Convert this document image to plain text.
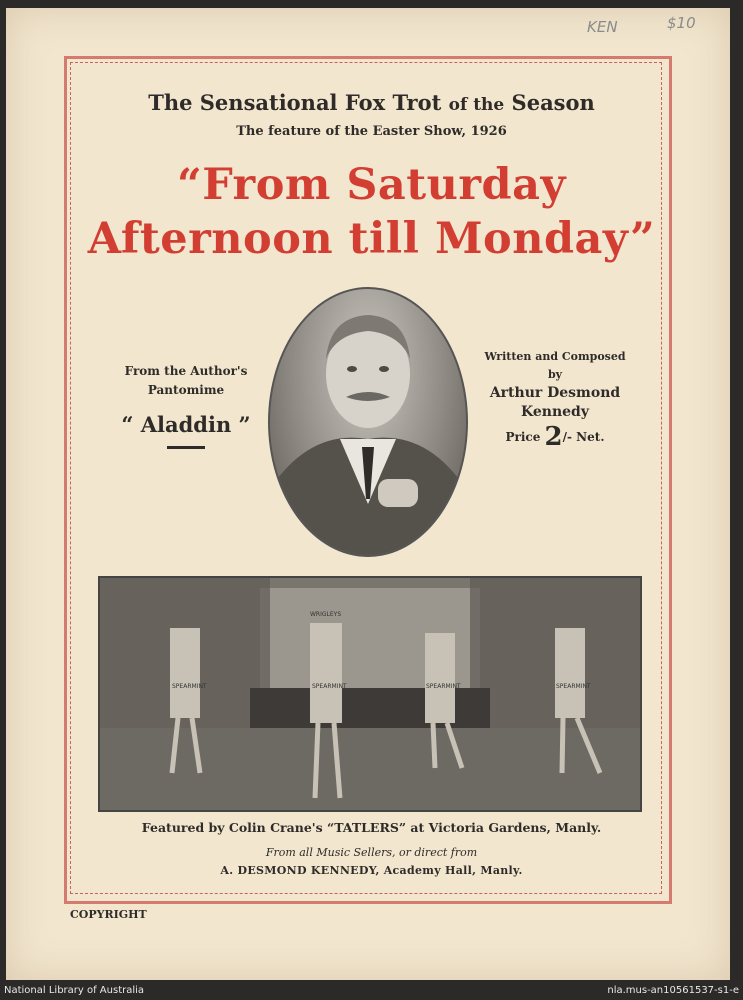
KEN	$10
The Sensational Fox Trot of the Season
The feature of the Easter Show, 1926
“From Saturday
Afternoon till Monday”
From the Author's
Pantomime
“ Aladdin ”
Written and Composed
by
Arthur Desmond
Kennedy
Price 2/- Net.
SPEARMINT	SPEARMINT	SPEARMINT	SPEARMINT
WRIGLEYS
Featured by Colin Crane's “TATLERS” at Victoria Gardens, Manly.
From all Music Sellers, or direct from
A. DESMOND KENNEDY, Academy Hall, Manly.
COPYRIGHT
National Library of Australia	nla.mus-an10561537-s1-e
